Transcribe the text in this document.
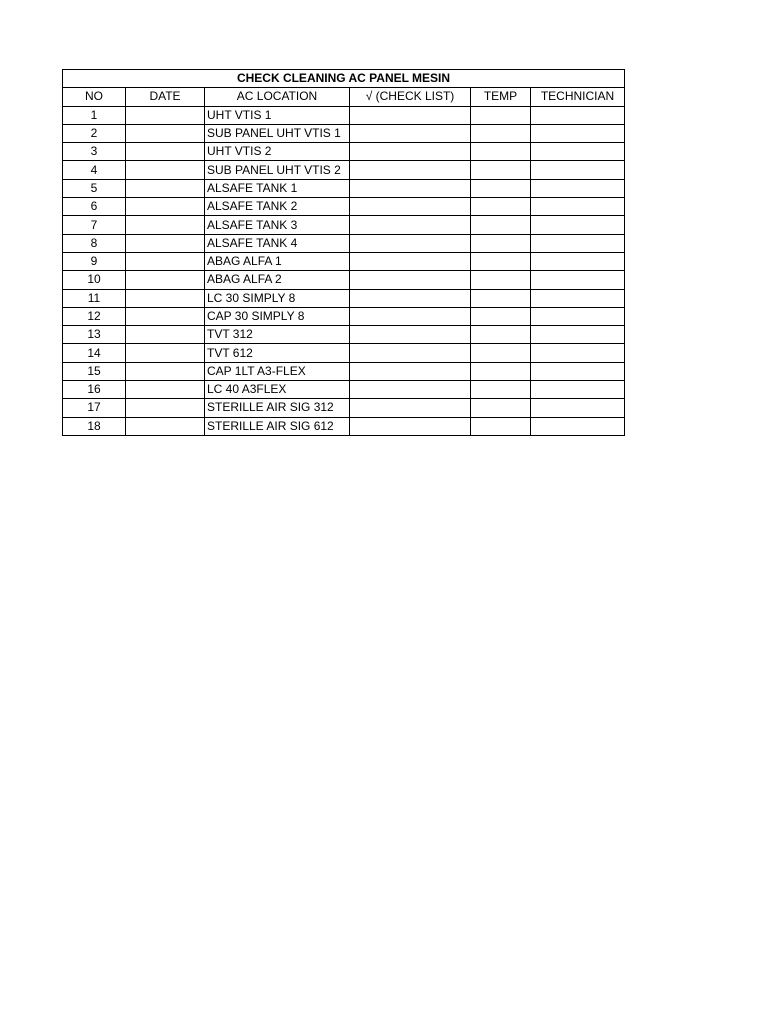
CHECK CLEANING AC PANEL MESIN					
NO	DATE	AC LOCATION	√ (CHECK LIST)	TEMP	TECHNICIAN
1		UHT VTIS 1			
2		SUB PANEL UHT VTIS 1			
3		UHT VTIS 2			
4		SUB PANEL UHT VTIS 2			
5		ALSAFE TANK 1			
6		ALSAFE TANK 2			
7		ALSAFE TANK 3			
8		ALSAFE TANK 4			
9		ABAG ALFA 1			
10		ABAG ALFA 2			
11		LC 30 SIMPLY 8			
12		CAP 30 SIMPLY 8			
13		TVT 312			
14		TVT 612			
15		CAP 1LT A3-FLEX			
16		LC 40 A3FLEX			
17		STERILLE AIR SIG 312			
18		STERILLE AIR SIG 612			
